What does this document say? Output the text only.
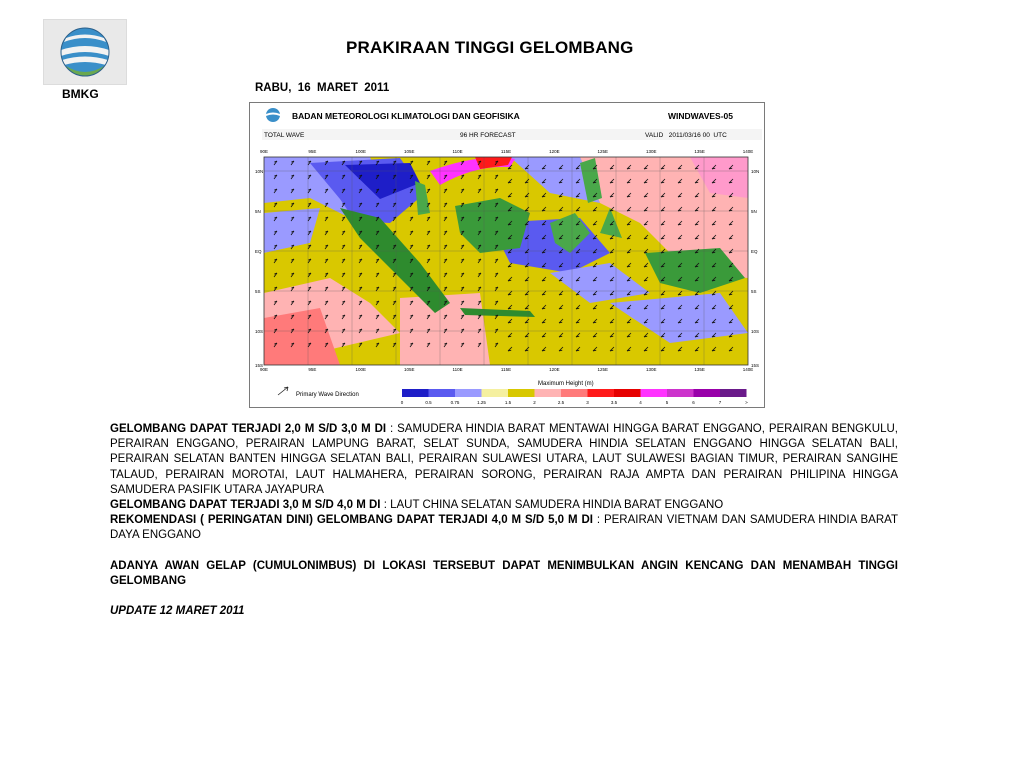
BMKG
PRAKIRAAN TINGGI GELOMBANG
RABU,  16  MARET  2011
BADAN METEOROLOGI KLIMATOLOGI DAN GEOFISIKA	WINDWAVES-05
TOTAL WAVE	96 HR FORECAST	VALID   2011/03/16 00  UTC
90E	95E	100E	105E	110E	115E	120E	125E	130E	135E	140E
90E	95E	100E	105E	110E	115E	120E	125E	130E	135E	140E
10N
5N
EQ
5S
10S
15S
10N
5N
EQ
5S
10S
15S
Primary Wave Direction
Maximum Height (m)
0	0.5	0.75	1.25	1.5	2	2.5	3	3.5	4	5	6	7	>

GELOMBANG DAPAT TERJADI 2,0 M S/D 3,0 M DI : SAMUDERA HINDIA BARAT MENTAWAI HINGGA BARAT ENGGANO, PERAIRAN BENGKULU, PERAIRAN ENGGANO, PERAIRAN LAMPUNG BARAT, SELAT SUNDA, SAMUDERA HINDIA SELATAN ENGGANO HINGGA SELATAN BALI, PERAIRAN SELATAN BANTEN HINGGA SELATAN BALI, PERAIRAN SULAWESI UTARA, LAUT SULAWESI BAGIAN TIMUR, PERAIRAN SANGIHE TALAUD, PERAIRAN MOROTAI, LAUT HALMAHERA, PERAIRAN SORONG, PERAIRAN RAJA AMPTA DAN PERAIRAN PHILIPINA HINGGA SAMUDERA PASIFIK UTARA JAYAPURA

GELOMBANG DAPAT TERJADI 3,0 M S/D 4,0 M DI : LAUT CHINA SELATAN SAMUDERA HINDIA BARAT ENGGANO

REKOMENDASI ( PERINGATAN DINI) GELOMBANG DAPAT TERJADI 4,0 M S/D 5,0 M DI : PERAIRAN VIETNAM DAN SAMUDERA HINDIA BARAT DAYA ENGGANO

ADANYA AWAN GELAP (CUMULONIMBUS) DI LOKASI TERSEBUT DAPAT MENIMBULKAN ANGIN KENCANG DAN MENAMBAH TINGGI GELOMBANG

UPDATE 12 MARET 2011
